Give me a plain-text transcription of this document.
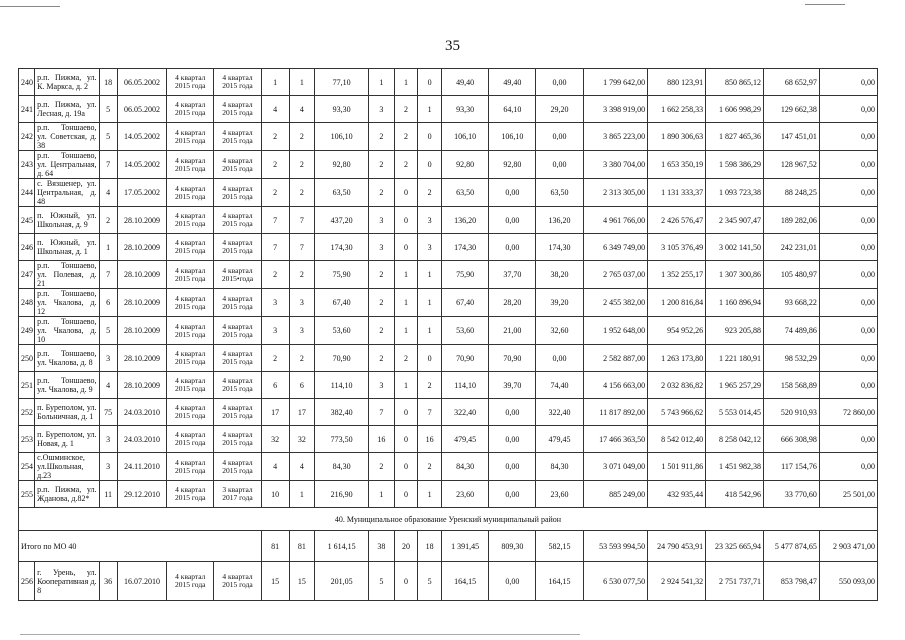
35
240	р.п. Пижма, ул. К. Маркса, д. 2	18	06.05.2002	4 квартал 2015 года	4 квартал 2015 года	1	1	77,10	1	1	0	49,40	49,40	0,00	1 799 642,00	880 123,91	850 865,12	68 652,97	0,00
241	р.п. Пижма, ул. Лесная, д. 19а	5	06.05.2002	4 квартал 2015 года	4 квартал 2015 года	4	4	93,30	3	2	1	93,30	64,10	29,20	3 398 919,00	1 662 258,33	1 606 998,29	129 662,38	0,00
242	р.п. Тоншаево, ул. Советская, д. 38	5	14.05.2002	4 квартал 2015 года	4 квартал 2015 года	2	2	106,10	2	2	0	106,10	106,10	0,00	3 865 223,00	1 890 306,63	1 827 465,36	147 451,01	0,00
243	р.п. Тоншаево, ул. Центральная, д. 64	7	14.05.2002	4 квартал 2015 года	4 квартал 2015 года	2	2	92,80	2	2	0	92,80	92,80	0,00	3 380 704,00	1 653 350,19	1 598 386,29	128 967,52	0,00
244	с. Вязшенер, ул. Центральная, д. 48	4	17.05.2002	4 квартал 2015 года	4 квартал 2015 года	2	2	63,50	2	0	2	63,50	0,00	63,50	2 313 305,00	1 131 333,37	1 093 723,38	88 248,25	0,00
245	п. Южный, ул. Школьная, д. 9	2	28.10.2009	4 квартал 2015 года	4 квартал 2015 года	7	7	437,20	3	0	3	136,20	0,00	136,20	4 961 766,00	2 426 576,47	2 345 907,47	189 282,06	0,00
246	п. Южный, ул. Школьная, д. 1	1	28.10.2009	4 квартал 2015 года	4 квартал 2015 года	7	7	174,30	3	0	3	174,30	0,00	174,30	6 349 749,00	3 105 376,49	3 002 141,50	242 231,01	0,00
247	р.п. Тоншаево, ул. Полевая, д. 21	7	28.10.2009	4 квартал 2015 года	4 квартал 2015•года	2	2	75,90	2	1	1	75,90	37,70	38,20	2 765 037,00	1 352 255,17	1 307 300,86	105 480,97	0,00
248	р.п. Тоншаево, ул. Чкалова, д. 12	6	28.10.2009	4 квартал 2015 года	4 квартал 2015 года	3	3	67,40	2	1	1	67,40	28,20	39,20	2 455 382,00	1 200 816,84	1 160 896,94	93 668,22	0,00
249	р.п. Тоншаево, ул. Чкалова, д. 10	5	28.10.2009	4 квартал 2015 года	4 квартал 2015 года	3	3	53,60	2	1	1	53,60	21,00	32,60	1 952 648,00	954 952,26	923 205,88	74 489,86	0,00
250	р.п. Тоншаево, ул. Чкалова, д. 8	3	28.10.2009	4 квартал 2015 года	4 квартал 2015 года	2	2	70,90	2	2	0	70,90	70,90	0,00	2 582 887,00	1 263 173,80	1 221 180,91	98 532,29	0,00
251	р.п. Тоншаево, ул. Чкалова, д. 9	4	28.10.2009	4 квартал 2015 года	4 квартал 2015 года	6	6	114,10	3	1	2	114,10	39,70	74,40	4 156 663,00	2 032 836,82	1 965 257,29	158 568,89	0,00
252	п. Буреполом, ул. Больничная, д. 1	75	24.03.2010	4 квартал 2015 года	4 квартал 2015 года	17	17	382,40	7	0	7	322,40	0,00	322,40	11 817 892,00	5 743 966,62	5 553 014,45	520 910,93	72 860,00
253	п. Буреполом, ул. Новая, д. 1	3	24.03.2010	4 квартал 2015 года	4 квартал 2015 года	32	32	773,50	16	0	16	479,45	0,00	479,45	17 466 363,50	8 542 012,40	8 258 042,12	666 308,98	0,00
254	с.Ошминское, ул.Школьная, д.23	3	24.11.2010	4 квартал 2015 года	4 квартал 2015 года	4	4	84,30	2	0	2	84,30	0,00	84,30	3 071 049,00	1 501 911,86	1 451 982,38	117 154,76	0,00
255	р.п. Пижма, ул. Жданова, д.82*	11	29.12.2010	4 квартал 2015 года	3 квартал 2017 года	10	1	216,90	1	0	1	23,60	0,00	23,60	885 249,00	432 935,44	418 542,96	33 770,60	25 501,00
40. Муниципальное образование Уренский муниципальный район																			
Итого по МО 40						81	81	1 614,15	38	20	18	1 391,45	809,30	582,15	53 593 994,50	24 790 453,91	23 325 665,94	5 477 874,65	2 903 471,00
256	г. Урень, ул. Кооперативная д. 8	36	16.07.2010	4 квартал 2015 года	4 квартал 2015 года	15	15	201,05	5	0	5	164,15	0,00	164,15	6 530 077,50	2 924 541,32	2 751 737,71	853 798,47	550 093,00
